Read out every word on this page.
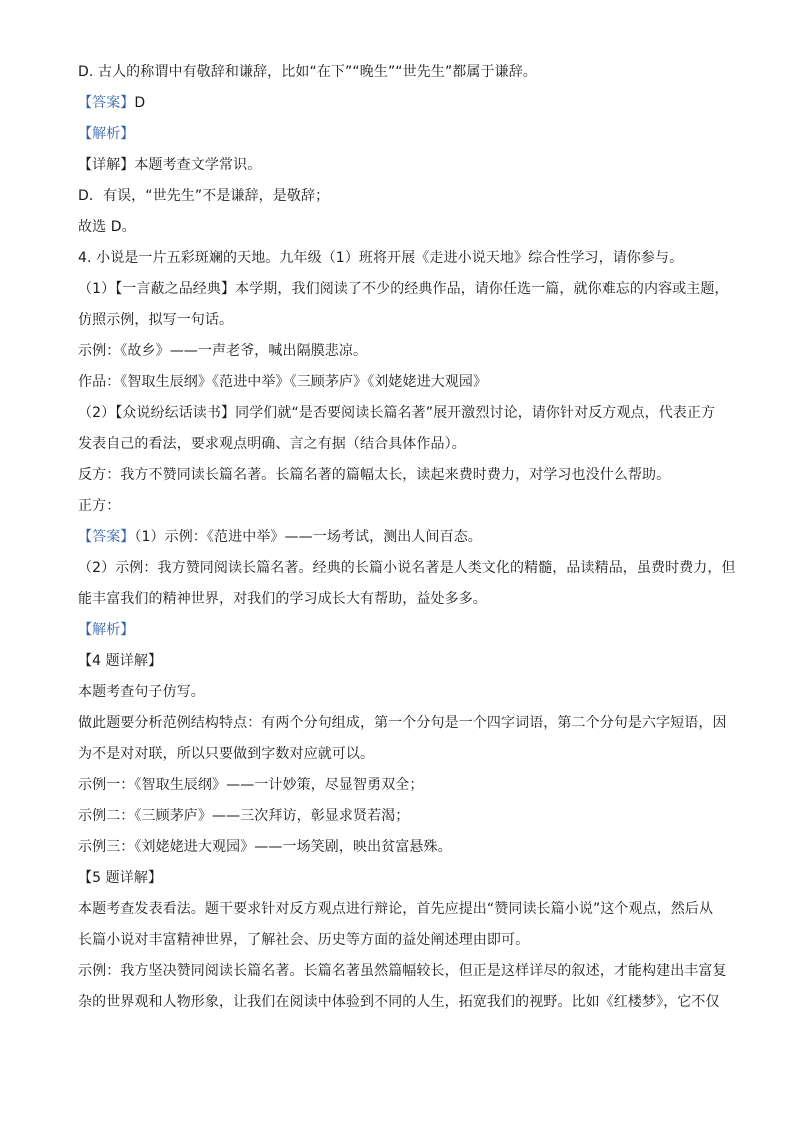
D. 古人的称谓中有敬辞和谦辞，比如“在下”“晚生”“世先生”都属于谦辞。
【答案】D
【解析】
【详解】本题考查文学常识。
D．有误，“世先生”不是谦辞，是敬辞；
故选 D。
4. 小说是一片五彩斑斓的天地。九年级（1）班将开展《走进小说天地》综合性学习，请你参与。
（1）【一言蔽之品经典】本学期，我们阅读了不少的经典作品，请你任选一篇，就你难忘的内容或主题，
仿照示例，拟写一句话。
示例：《故乡》——一声老爷，喊出隔膜悲凉。
作品：《智取生辰纲》《范进中举》《三顾茅庐》《刘姥姥进大观园》
（2）【众说纷纭话读书】同学们就“是否要阅读长篇名著”展开激烈讨论，请你针对反方观点，代表正方
发表自己的看法，要求观点明确、言之有据（结合具体作品）。
反方：我方不赞同读长篇名著。长篇名著的篇幅太长，读起来费时费力，对学习也没什么帮助。
正方：
【答案】（1）示例：《范进中举》——一场考试，测出人间百态。
（2）示例：我方赞同阅读长篇名著。经典的长篇小说名著是人类文化的精髓，品读精品，虽费时费力，但
能丰富我们的精神世界，对我们的学习成长大有帮助，益处多多。
【解析】
【4 题详解】
本题考查句子仿写。
做此题要分析范例结构特点：有两个分句组成，第一个分句是一个四字词语，第二个分句是六字短语，因
为不是对对联，所以只要做到字数对应就可以。
示例一：《智取生辰纲》——一计妙策，尽显智勇双全；
示例二：《三顾茅庐》——三次拜访，彰显求贤若渴；
示例三：《刘姥姥进大观园》——一场笑剧，映出贫富悬殊。
【5 题详解】
本题考查发表看法。题干要求针对反方观点进行辩论，首先应提出“赞同读长篇小说”这个观点，然后从
长篇小说对丰富精神世界，了解社会、历史等方面的益处阐述理由即可。
示例：我方坚决赞同阅读长篇名著。长篇名著虽然篇幅较长，但正是这样详尽的叙述，才能构建出丰富复
杂的世界观和人物形象，让我们在阅读中体验到不同的人生，拓宽我们的视野。比如《红楼梦》，它不仅
